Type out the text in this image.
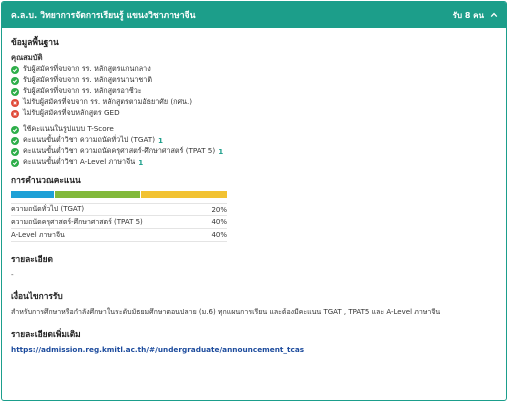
ค.ล.บ. วิทยาการจัดการเรียนรู้ แขนงวิชาภาษาจีน	รับ 8 คน
ข้อมูลพื้นฐาน
คุณสมบัติ
รับผู้สมัครที่จบจาก รร. หลักสูตรแกนกลาง
รับผู้สมัครที่จบจาก รร. หลักสูตรนานาชาติ
รับผู้สมัครที่จบจาก รร. หลักสูตรอาชีวะ
ไม่รับผู้สมัครที่จบจาก รร. หลักสูตรตามอัธยาศัย (กศน.)
ไม่รับผู้สมัครที่จบหลักสูตร GED
ใช้คะแนนในรูปแบบ T-Score
คะแนนขั้นต่ำวิชา ความถนัดทั่วไป (TGAT) 1
คะแนนขั้นต่ำวิชา ความถนัดครุศาสตร์-ศึกษาศาสตร์ (TPAT 5) 1
คะแนนขั้นต่ำวิชา A-Level ภาษาจีน 1
การคำนวณคะแนน
ความถนัดทั่วไป (TGAT)	20%
ความถนัดครุศาสตร์-ศึกษาศาสตร์ (TPAT 5)	40%
A-Level ภาษาจีน	40%
รายละเอียด
-
เงื่อนไขการรับ
สำหรับการศึกษาหรือกำลังศึกษาในระดับมัธยมศึกษาตอนปลาย (ม.6) ทุกแผนการเรียน และต้องมีคะแนน TGAT , TPAT5 และ A-Level ภาษาจีน
รายละเอียดเพิ่มเติม
https://admission.reg.kmitl.ac.th/#/undergraduate/announcement_tcas
